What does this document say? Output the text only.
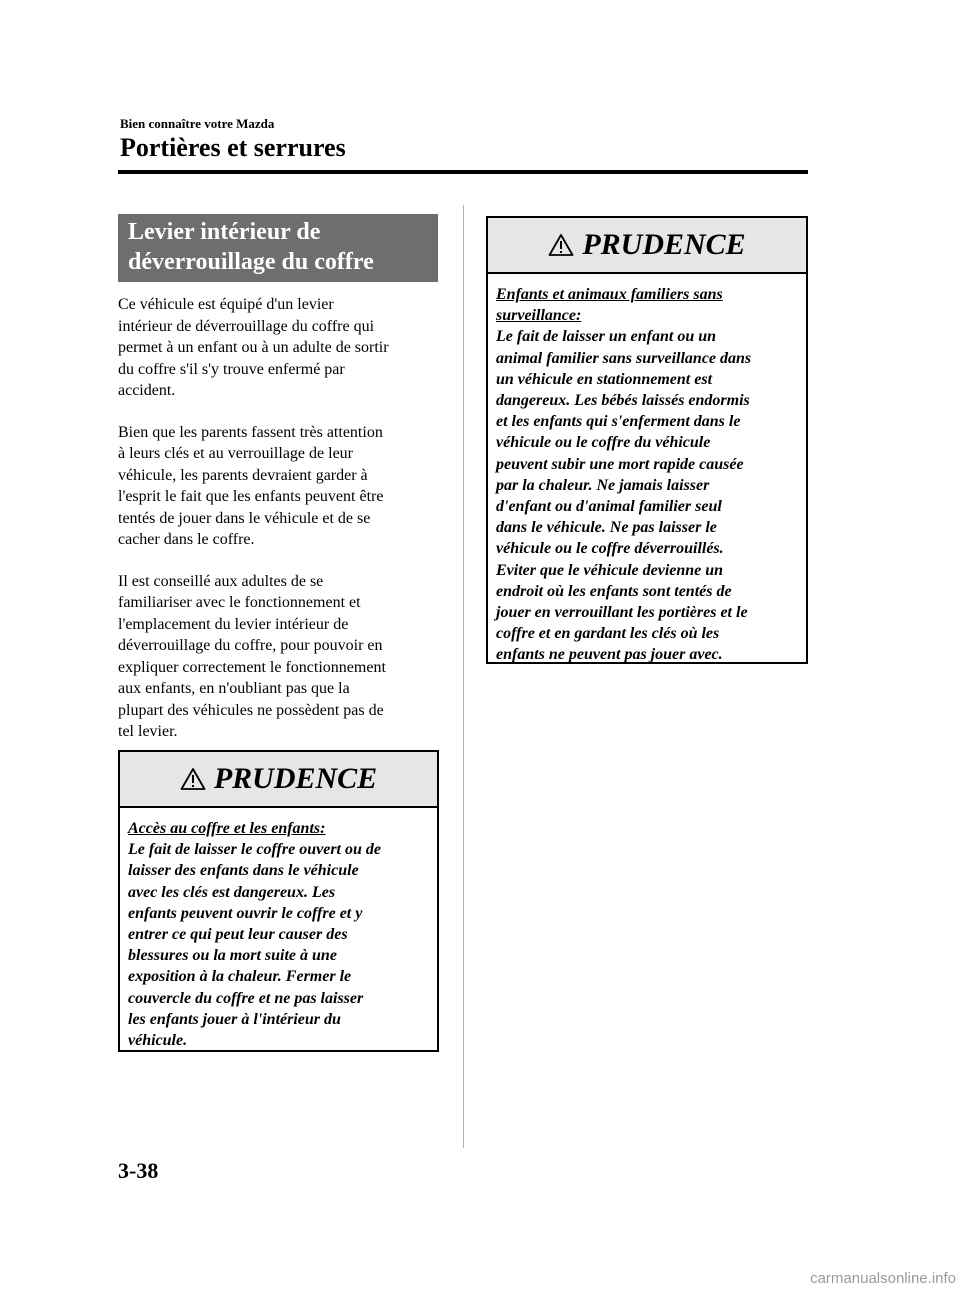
Bien connaître votre Mazda
Portières et serrures
Levier intérieur de
déverrouillage du coffre

Ce véhicule est équipé d'un levier
intérieur de déverrouillage du coffre qui
permet à un enfant ou à un adulte de sortir
du coffre s'il s'y trouve enfermé par
accident.

Bien que les parents fassent très attention
à leurs clés et au verrouillage de leur
véhicule, les parents devraient garder à
l'esprit le fait que les enfants peuvent être
tentés de jouer dans le véhicule et de se
cacher dans le coffre.

Il est conseillé aux adultes de se
familiariser avec le fonctionnement et
l'emplacement du levier intérieur de
déverrouillage du coffre, pour pouvoir en
expliquer correctement le fonctionnement
aux enfants, en n'oubliant pas que la
plupart des véhicules ne possèdent pas de
tel levier.

PRUDENCE
Accès au coffre et les enfants:
Le fait de laisser le coffre ouvert ou de
laisser des enfants dans le véhicule
avec les clés est dangereux. Les
enfants peuvent ouvrir le coffre et y
entrer ce qui peut leur causer des
blessures ou la mort suite à une
exposition à la chaleur. Fermer le
couvercle du coffre et ne pas laisser
les enfants jouer à l'intérieur du
véhicule.
PRUDENCE
Enfants et animaux familiers sans
surveillance:
Le fait de laisser un enfant ou un
animal familier sans surveillance dans
un véhicule en stationnement est
dangereux. Les bébés laissés endormis
et les enfants qui s'enferment dans le
véhicule ou le coffre du véhicule
peuvent subir une mort rapide causée
par la chaleur. Ne jamais laisser
d'enfant ou d'animal familier seul
dans le véhicule. Ne pas laisser le
véhicule ou le coffre déverrouillés.
Eviter que le véhicule devienne un
endroit où les enfants sont tentés de
jouer en verrouillant les portières et le
coffre et en gardant les clés où les
enfants ne peuvent pas jouer avec.
3-38
carmanualsonline.info
